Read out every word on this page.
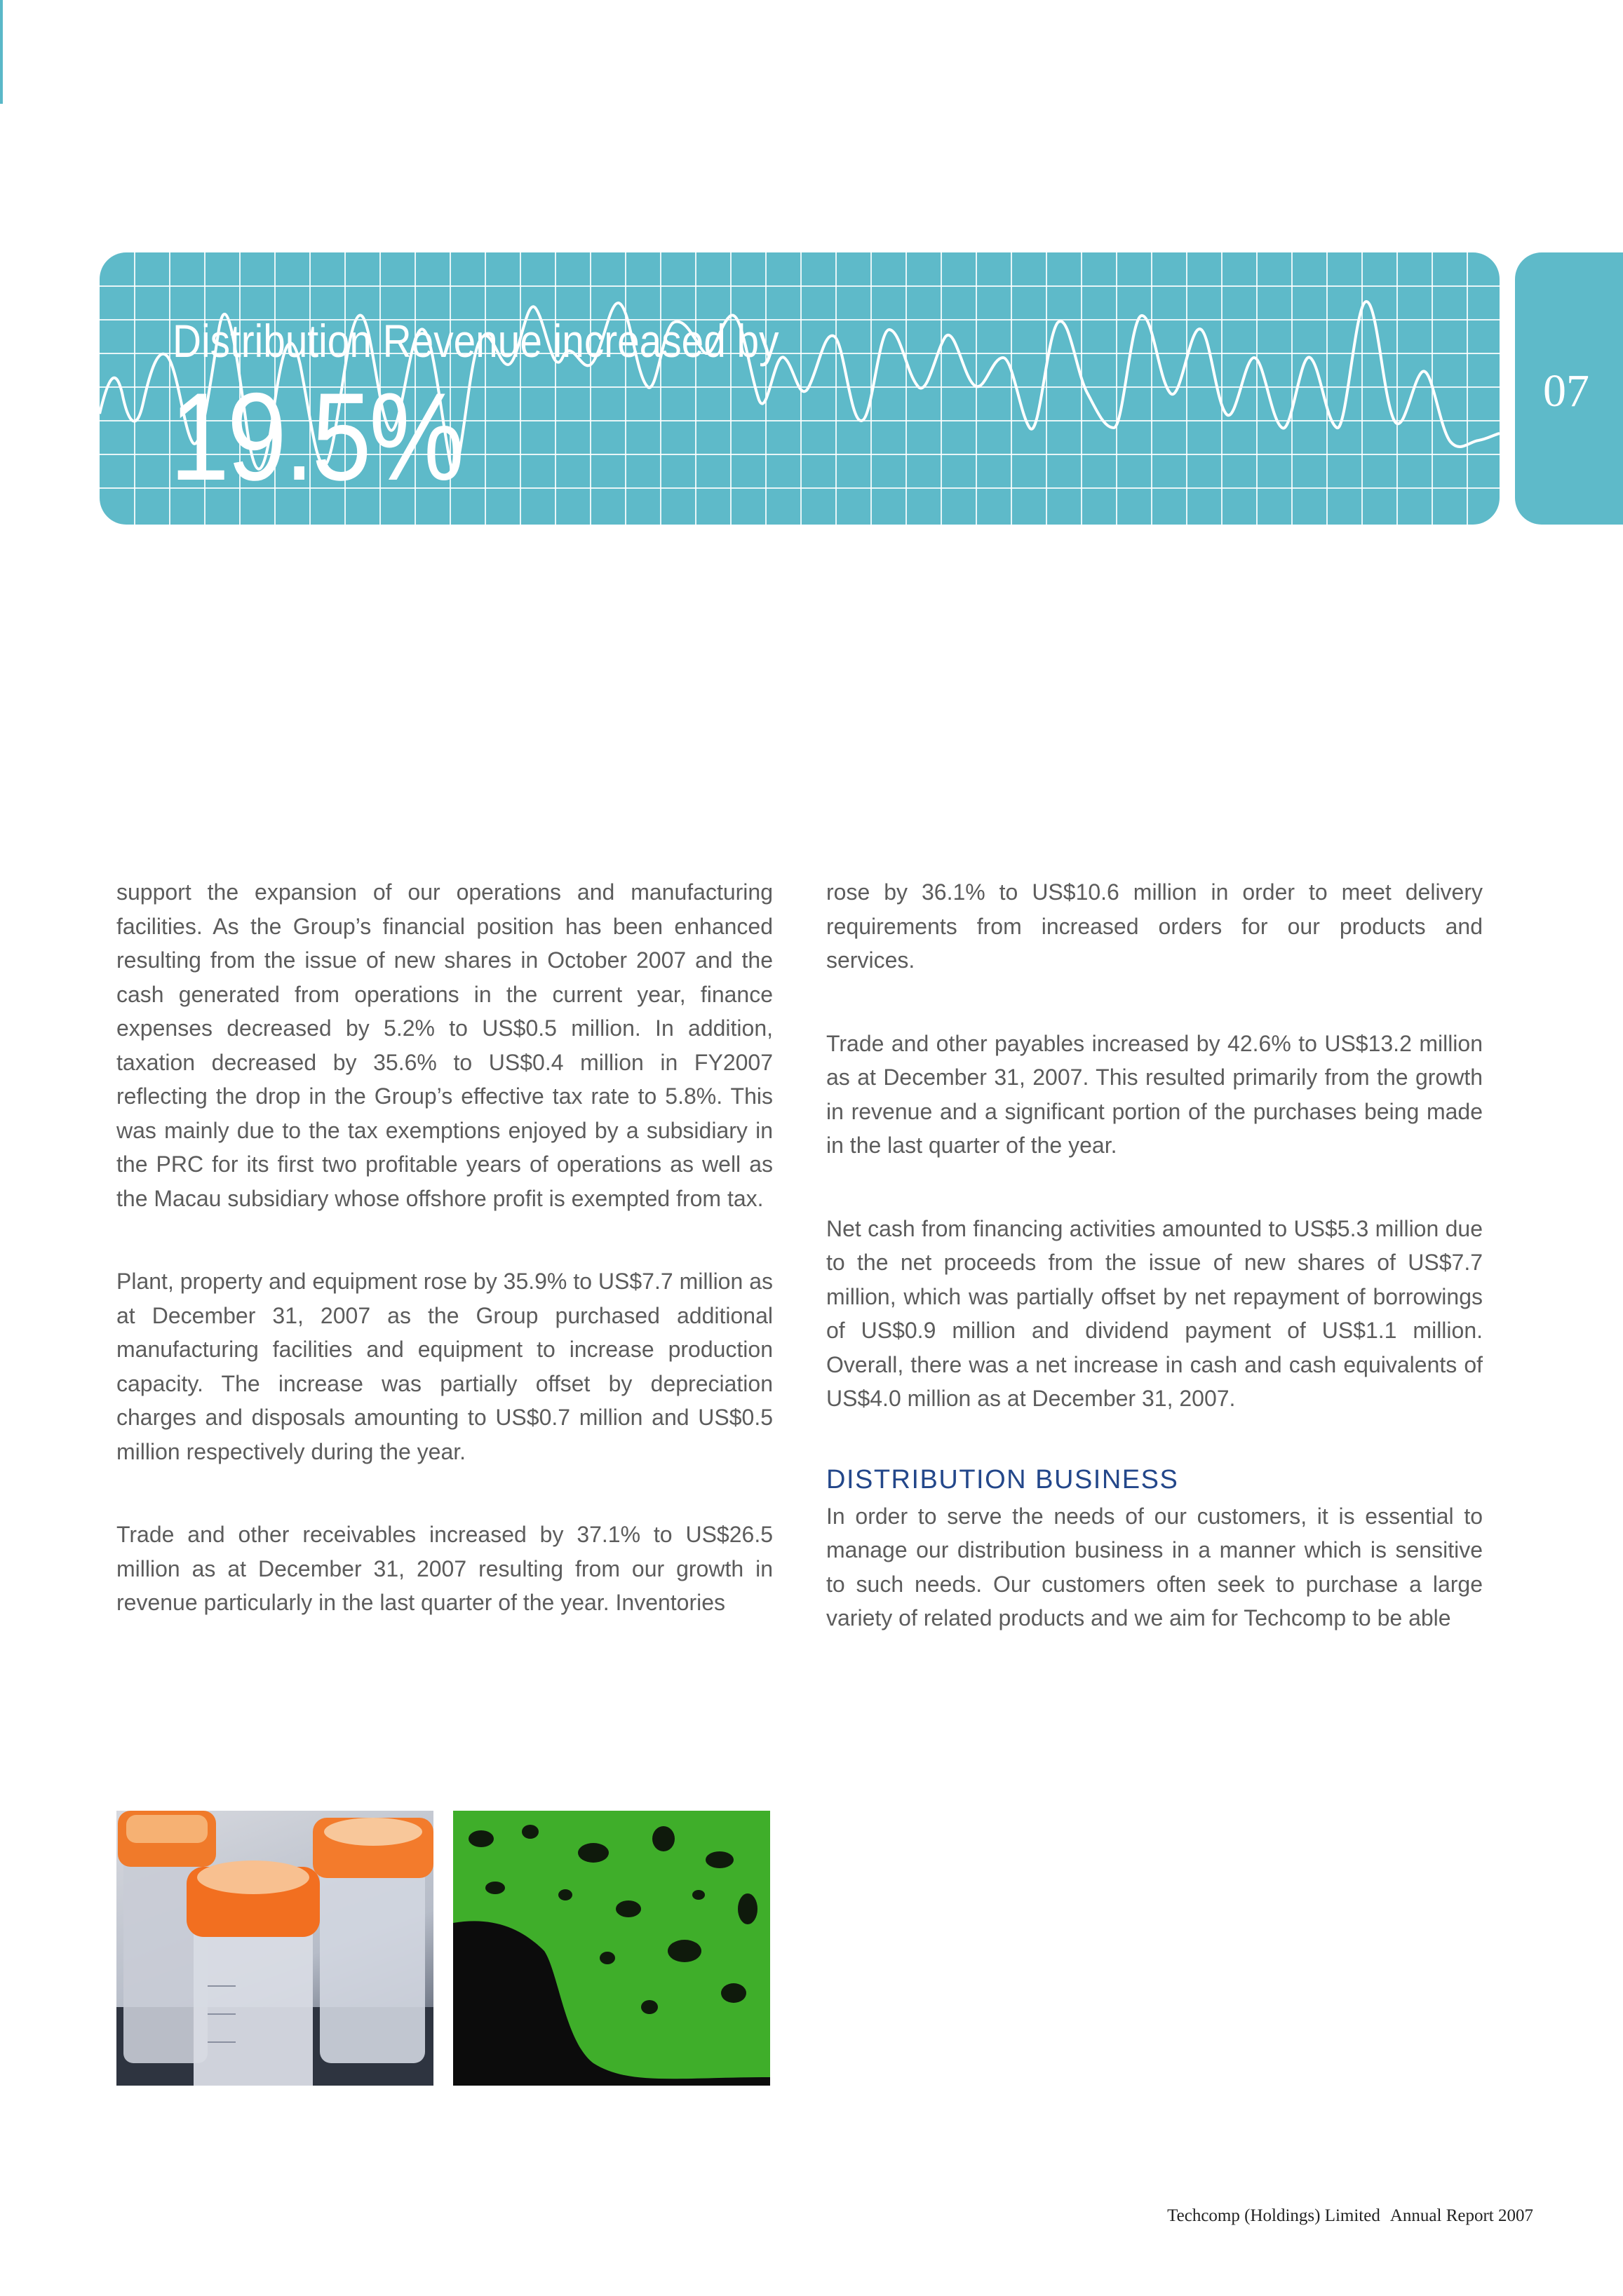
Distribution Revenue increased by
19.5%	07

support the expansion of our operations and manufacturing facilities. As the Group’s financial position has been enhanced resulting from the issue of new shares in October 2007 and the cash generated from operations in the current year, finance expenses decreased by 5.2% to US$0.5 million. In addition, taxation decreased by 35.6% to US$0.4 million in FY2007 reflecting the drop in the Group’s effective tax rate to 5.8%. This was mainly due to the tax exemptions enjoyed by a subsidiary in the PRC for its first two profitable years of operations as well as the Macau subsidiary whose offshore profit is exempted from tax.

Plant, property and equipment rose by 35.9% to US$7.7 million as at December 31, 2007 as the Group purchased additional manufacturing facilities and equipment to increase production capacity. The increase was partially offset by depreciation charges and disposals amounting to US$0.7 million and US$0.5 million respectively during the year.

Trade and other receivables increased by 37.1% to US$26.5 million as at December 31, 2007 resulting from our growth in revenue particularly in the last quarter of the year. Inventories

rose by 36.1% to US$10.6 million in order to meet delivery requirements from increased orders for our products and services.

Trade and other payables increased by 42.6% to US$13.2 million as at December 31, 2007. This resulted primarily from the growth in revenue and a significant portion of the purchases being made in the last quarter of the year.

Net cash from financing activities amounted to US$5.3 million due to the net proceeds from the issue of new shares of US$7.7 million, which was partially offset by net repayment of borrowings of US$0.9 million and dividend payment of US$1.1 million. Overall, there was a net increase in cash and cash equivalents of US$4.0 million as at December 31, 2007.

DISTRIBUTION BUSINESS

In order to serve the needs of our customers, it is essential to manage our distribution business in a manner which is sensitive to such needs. Our customers often seek to purchase a large variety of related products and we aim for Techcomp to be able

Techcomp (Holdings) Limited Annual Report 2007
